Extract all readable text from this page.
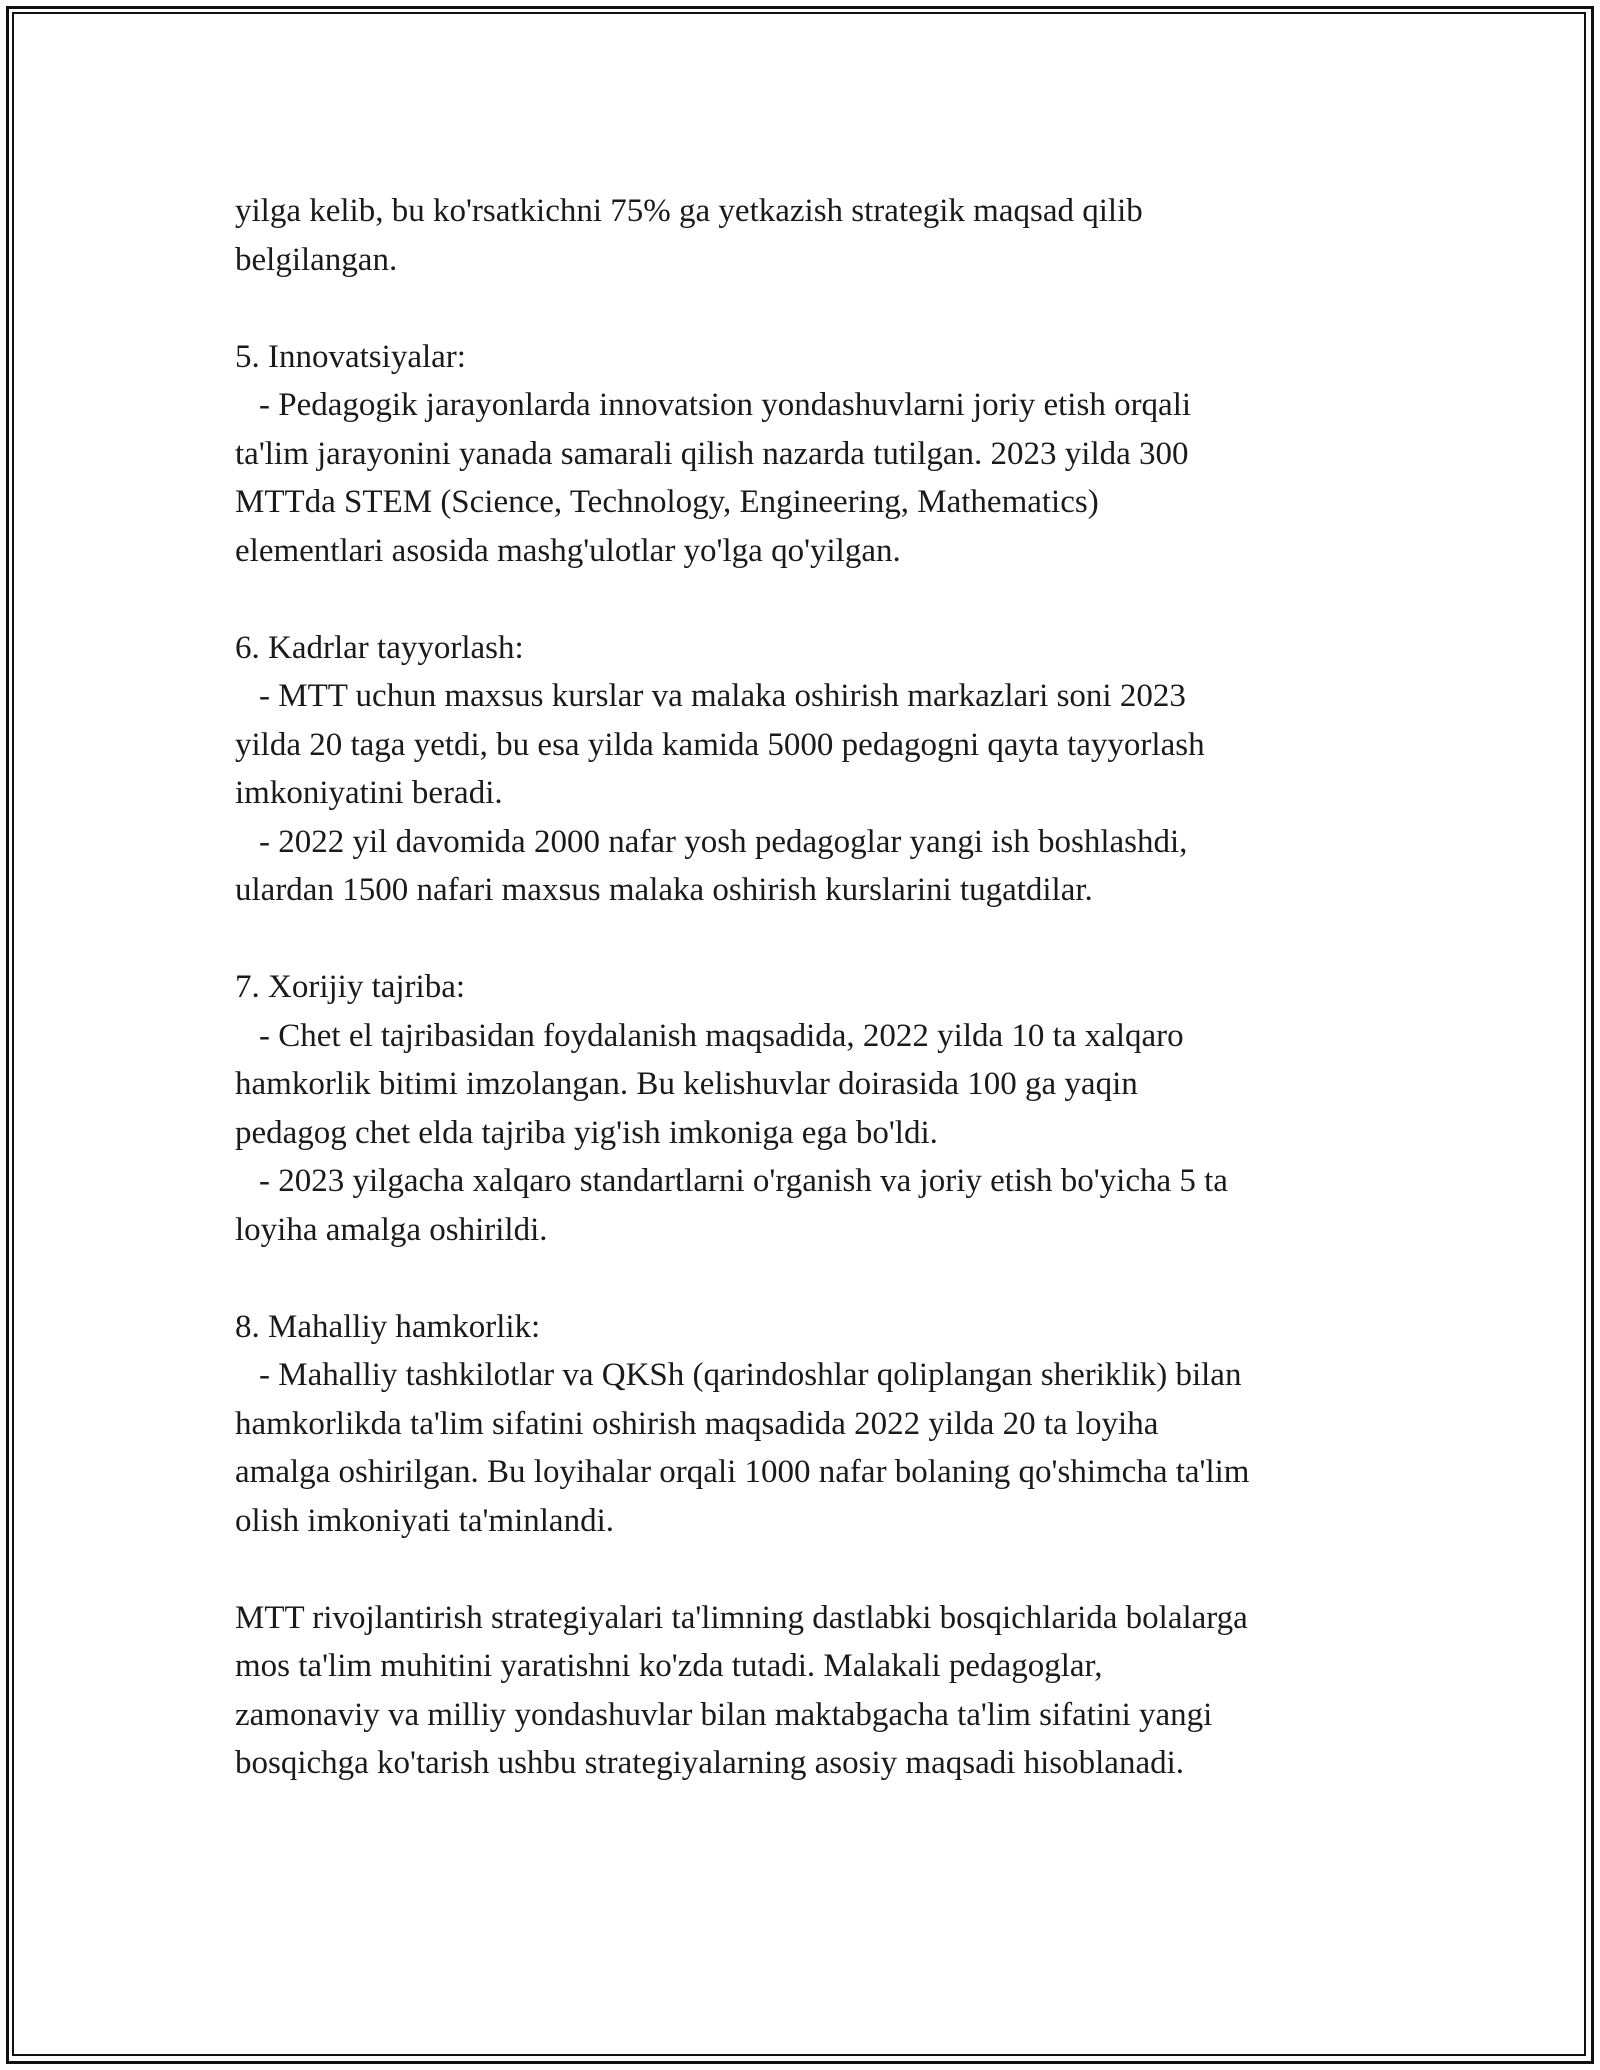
yilga kelib, bu ko'rsatkichni 75% ga yetkazish strategik maqsad qilib
belgilangan.
5. Innovatsiyalar:
- Pedagogik jarayonlarda innovatsion yondashuvlarni joriy etish orqali
ta'lim jarayonini yanada samarali qilish nazarda tutilgan. 2023 yilda 300
MTTda STEM (Science, Technology, Engineering, Mathematics)
elementlari asosida mashg'ulotlar yo'lga qo'yilgan.
6. Kadrlar tayyorlash:
- MTT uchun maxsus kurslar va malaka oshirish markazlari soni 2023
yilda 20 taga yetdi, bu esa yilda kamida 5000 pedagogni qayta tayyorlash
imkoniyatini beradi.
- 2022 yil davomida 2000 nafar yosh pedagoglar yangi ish boshlashdi,
ulardan 1500 nafari maxsus malaka oshirish kurslarini tugatdilar.
7. Xorijiy tajriba:
- Chet el tajribasidan foydalanish maqsadida, 2022 yilda 10 ta xalqaro
hamkorlik bitimi imzolangan. Bu kelishuvlar doirasida 100 ga yaqin
pedagog chet elda tajriba yig'ish imkoniga ega bo'ldi.
- 2023 yilgacha xalqaro standartlarni o'rganish va joriy etish bo'yicha 5 ta
loyiha amalga oshirildi.
8. Mahalliy hamkorlik:
- Mahalliy tashkilotlar va QKSh (qarindoshlar qoliplangan sheriklik) bilan
hamkorlikda ta'lim sifatini oshirish maqsadida 2022 yilda 20 ta loyiha
amalga oshirilgan. Bu loyihalar orqali 1000 nafar bolaning qo'shimcha ta'lim
olish imkoniyati ta'minlandi.
MTT rivojlantirish strategiyalari ta'limning dastlabki bosqichlarida bolalarga
mos ta'lim muhitini yaratishni ko'zda tutadi. Malakali pedagoglar,
zamonaviy va milliy yondashuvlar bilan maktabgacha ta'lim sifatini yangi
bosqichga ko'tarish ushbu strategiyalarning asosiy maqsadi hisoblanadi.
